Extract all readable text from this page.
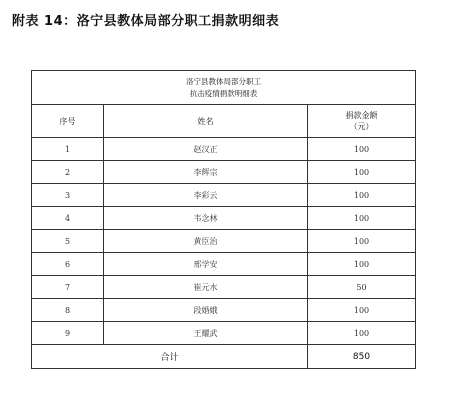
附表 14：洛宁县教体局部分职工捐款明细表
洛宁县教体局部分职工
抗击疫情捐款明细表		

序号	姓名	捐款金额
（元）

1	赵汉正	100
2	李辉宗	100
3	李彩云	100
4	韦念林	100
5	黄臣治	100
6	邢学安	100
7	崔元水	50
8	段婚娥	100
9	王耀武	100
合计		850
